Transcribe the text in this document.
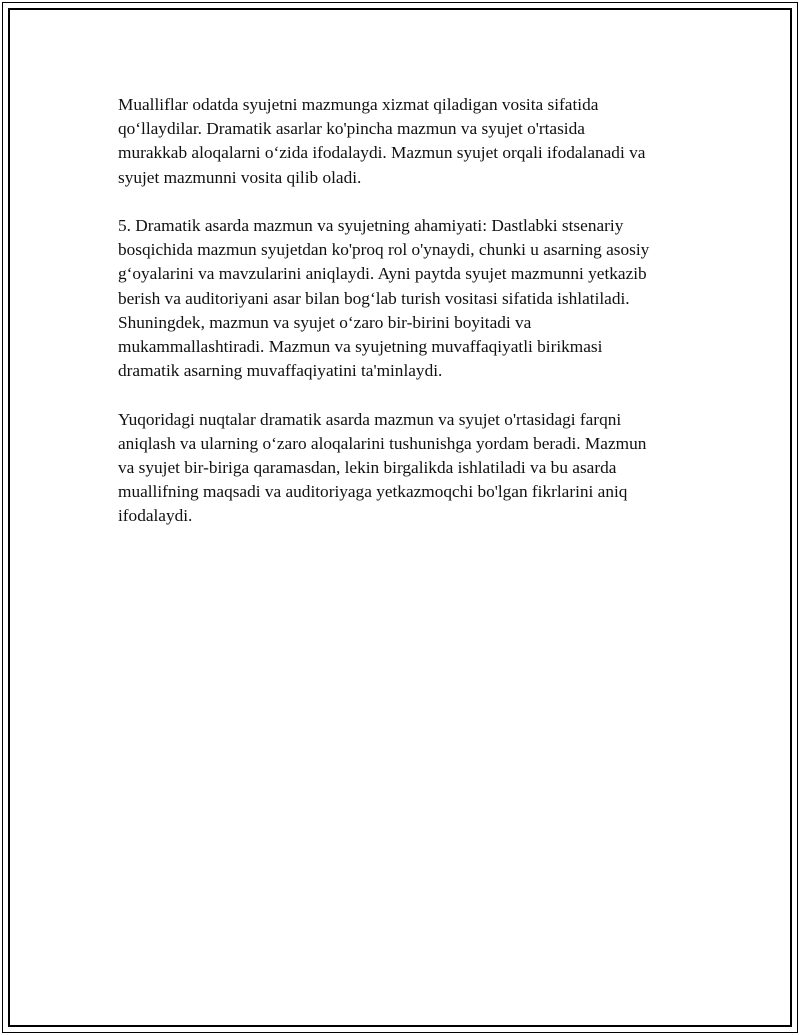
Mualliflar odatda syujetni mazmunga xizmat qiladigan vosita sifatida
qo‘llaydilar. Dramatik asarlar ko'pincha mazmun va syujet o'rtasida
murakkab aloqalarni o‘zida ifodalaydi. Mazmun syujet orqali ifodalanadi va
syujet mazmunni vosita qilib oladi.

5. Dramatik asarda mazmun va syujetning ahamiyati: Dastlabki stsenariy
bosqichida mazmun syujetdan ko'proq rol o'ynaydi, chunki u asarning asosiy
g‘oyalarini va mavzularini aniqlaydi. Ayni paytda syujet mazmunni yetkazib
berish va auditoriyani asar bilan bog‘lab turish vositasi sifatida ishlatiladi.
Shuningdek, mazmun va syujet o‘zaro bir-birini boyitadi va
mukammallashtiradi. Mazmun va syujetning muvaffaqiyatli birikmasi
dramatik asarning muvaffaqiyatini ta'minlaydi.

Yuqoridagi nuqtalar dramatik asarda mazmun va syujet o'rtasidagi farqni
aniqlash va ularning o‘zaro aloqalarini tushunishga yordam beradi. Mazmun
va syujet bir-biriga qaramasdan, lekin birgalikda ishlatiladi va bu asarda
muallifning maqsadi va auditoriyaga yetkazmoqchi bo'lgan fikrlarini aniq
ifodalaydi.
